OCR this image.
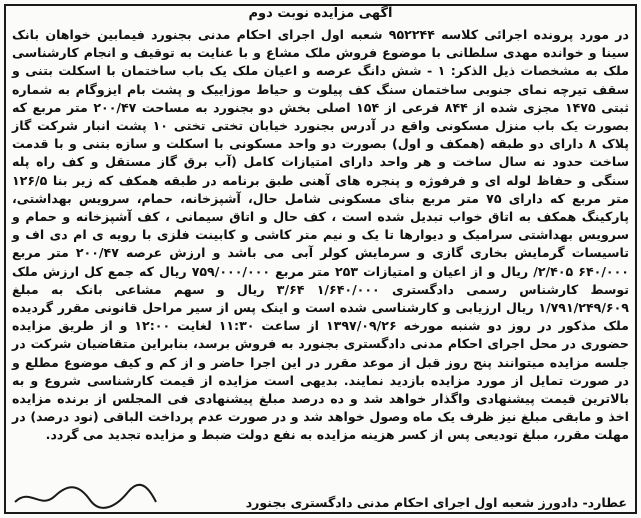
آگهی مزایده نوبت دوم

در مورد پرونده اجرائی کلاسه ۹۵۲۲۴۴ شعبه اول اجرای احکام مدنی بجنورد فیمابین خواهان بانک سینا و خوانده مهدی سلطانی با موضوع فروش ملک مشاع و با عنایت به توقیف و انجام کارشناسی ملک به مشخصات ذیل الذکر: ۱ - شش دانگ عرصه و اعیان ملک یک باب ساختمان با اسکلت بتنی و سقف تیرچه نمای جنوبی ساختمان سنگ کف پیلوت و حیاط موزاییک و پشت بام ایزوگام به شماره ثبتی ۱۴۷۵ مجزی شده از ۸۴۴ فرعی از ۱۵۴ اصلی بخش دو بجنورد به مساحت ۲۰۰/۴۷ متر مربع که بصورت یک باب منزل مسکونی واقع در آدرس بجنورد خیابان تختی تختی ۱۰ پشت انبار شرکت گاز پلاک ۸ دارای دو طبقه (همکف و اول) بصورت دو واحد مسکونی با اسکلت و سازه بتنی و با قدمت ساخت حدود نه سال ساخت و هر واحد دارای امتیازات کامل (آب برق گاز مستقل و کف راه پله سنگی و حفاظ لوله ای و فرفوژه و پنجره های آهنی طبق برنامه در طبقه همکف که زیر بنا ۱۲۶/۵ متر مربع که دارای ۷۵ متر مربع بنای مسکونی شامل حال، آشپزخانه، حمام، سرویس بهداشتی، پارکینگ همکف به اتاق خواب تبدیل شده است ، کف حال و اتاق سیمانی ، کف آشپزخانه و حمام و سرویس بهداشتی سرامیک و دیوارها تا یک و نیم متر کاشی و کابینت فلزی با رویه ی ام دی اف و تاسیسات گرمایش بخاری گازی و سرمایش کولر آبی می باشد و ارزش عرصه ۲۰۰/۴۷ متر مربع ۶۴۰/۰۰۰ ۲/۴۰۵/ ریال و از اعیان و امتیازات ۲۵۳ متر مربع ۷۵۹/۰۰۰/۰۰۰ ریال که جمع کل ارزش ملک توسط کارشناس رسمی دادگستری ۱/۶۴۰/۰۰۰ ۳/۶۴ ریال و سهم مشاعی بانک به مبلغ ۱/۷۹۱/۲۴۹/۶۰۹ ریال ارزیابی و کارشناسی شده است و اینک پس از سیر مراحل قانونی مقرر گردیده ملک مذکور در روز دو شنبه مورخه ۱۳۹۷/۰۹/۲۶ از ساعت ۱۱:۳۰ لغایت ۱۲:۰۰ و از طریق مزایده حضوری در محل اجرای احکام مدنی دادگستری بجنورد به فروش برسد، بنابراین متقاضیان شرکت در جلسه مزایده میتوانند پنج روز قبل از موعد مقرر در این اجرا حاضر و از کم و کیف موضوع مطلع و در صورت تمایل از مورد مزایده بازدید نمایند. بدیهی است مزایده از قیمت کارشناسی شروع و به بالاترین قیمت پیشنهادی واگذار خواهد شد و ده درصد مبلغ پیشنهادی فی المجلس از برنده مزایده اخذ و مابقی مبلغ نیز ظرف یک ماه وصول خواهد شد و در صورت عدم پرداخت الباقی (نود درصد) در مهلت مقرر، مبلغ تودیعی پس از کسر هزینه مزایده به نفع دولت ضبط و مزایده تجدید می گردد.

عطارد- دادورز شعبه اول اجرای احکام مدنی دادگستری بجنورد
